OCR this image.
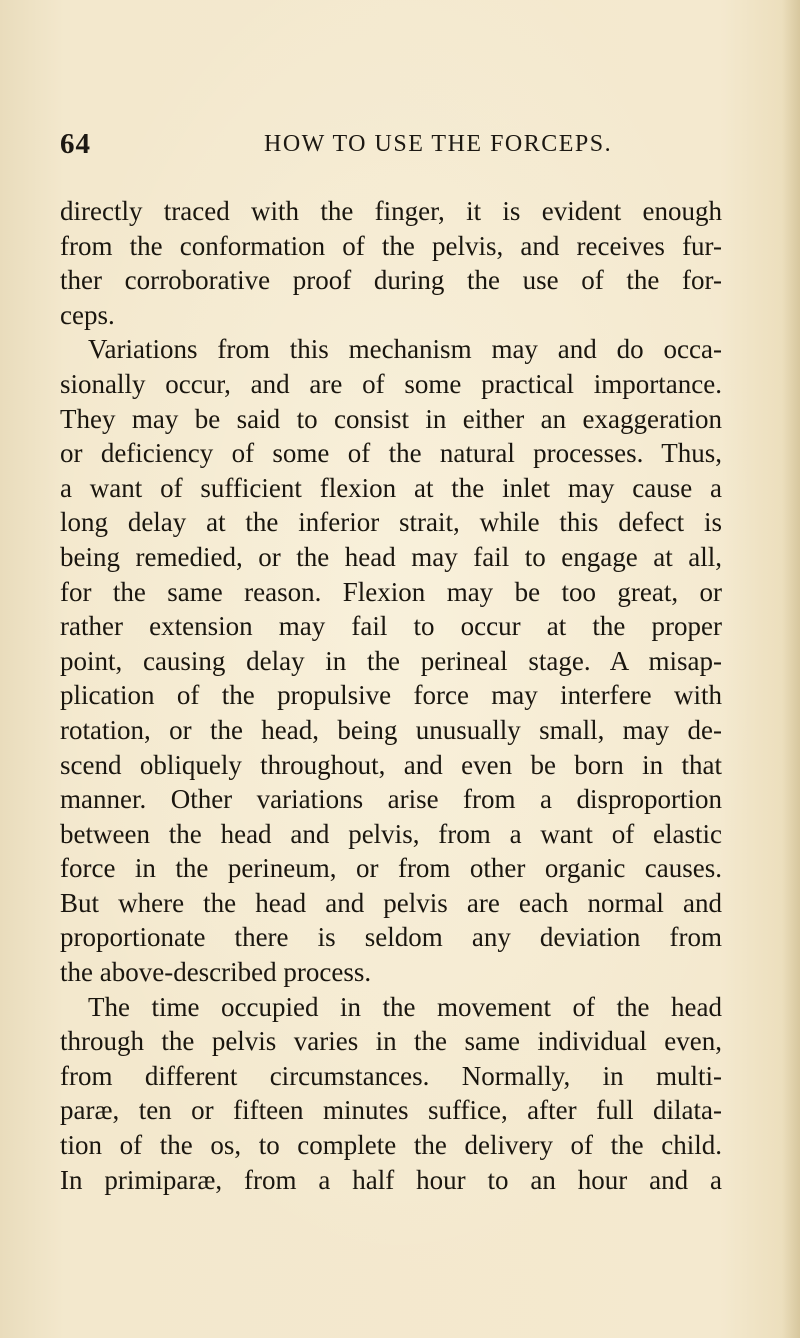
64	HOW TO USE THE FORCEPS.
directly traced with the finger, it is evident enough
from the conformation of the pelvis, and receives fur-
ther corroborative proof during the use of the for-
ceps.
Variations from this mechanism may and do occa-
sionally occur, and are of some practical importance.
They may be said to consist in either an exaggeration
or deficiency of some of the natural processes. Thus,
a want of sufficient flexion at the inlet may cause a
long delay at the inferior strait, while this defect is
being remedied, or the head may fail to engage at all,
for the same reason. Flexion may be too great, or
rather extension may fail to occur at the proper
point, causing delay in the perineal stage. A misap-
plication of the propulsive force may interfere with
rotation, or the head, being unusually small, may de-
scend obliquely throughout, and even be born in that
manner. Other variations arise from a disproportion
between the head and pelvis, from a want of elastic
force in the perineum, or from other organic causes.
But where the head and pelvis are each normal and
proportionate there is seldom any deviation from
the above-described process.
The time occupied in the movement of the head
through the pelvis varies in the same individual even,
from different circumstances. Normally, in multi-
paræ, ten or fifteen minutes suffice, after full dilata-
tion of the os, to complete the delivery of the child.
In primiparæ, from a half hour to an hour and a
